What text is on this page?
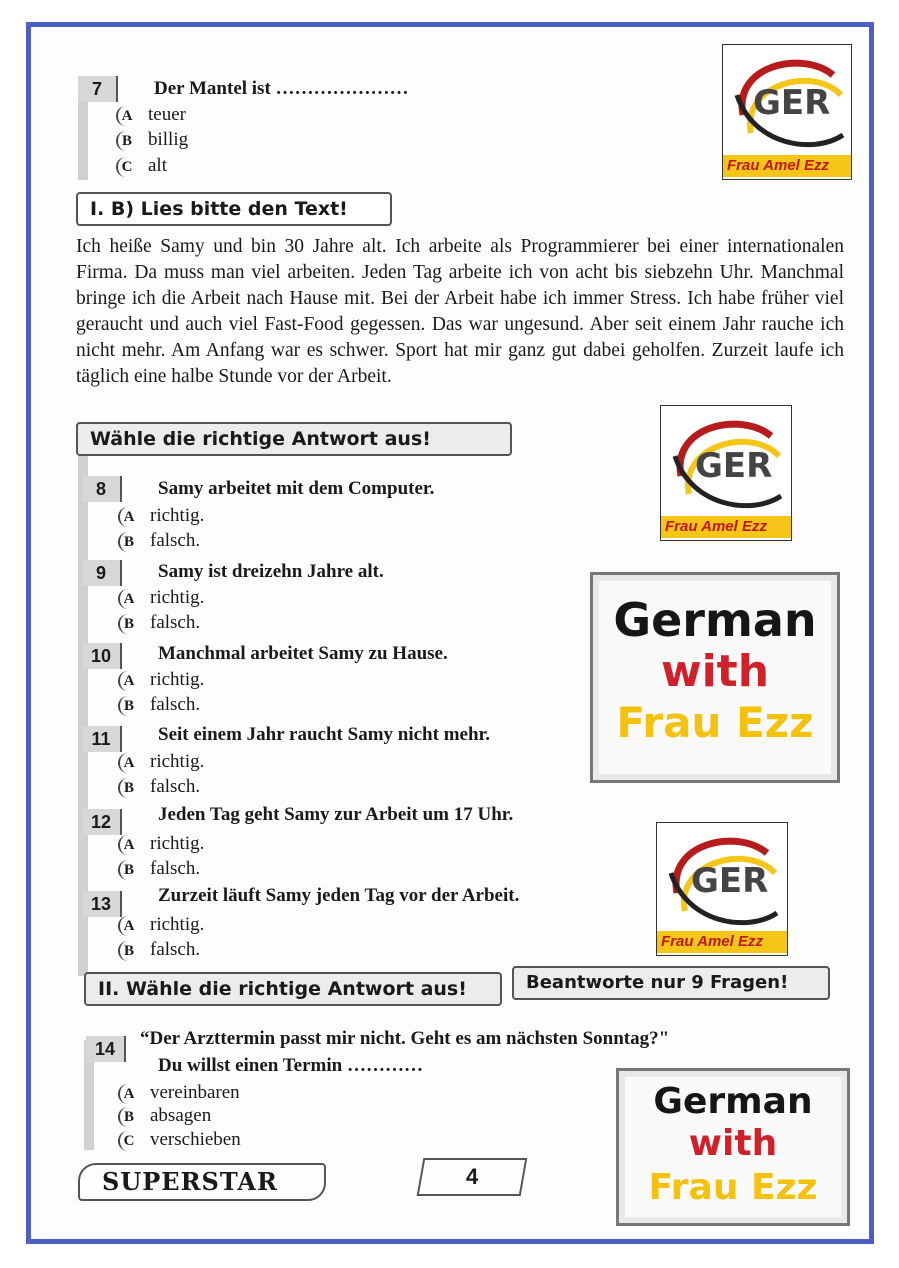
7	Der Mantel ist …………………
A teuer
B billig
C alt
I. B) Lies bitte den Text!
Ich heiße Samy und bin 30 Jahre alt. Ich arbeite als Programmierer bei einer internationalen Firma. Da muss man viel arbeiten. Jeden Tag arbeite ich von acht bis siebzehn Uhr. Manchmal bringe ich die Arbeit nach Hause mit. Bei der Arbeit habe ich immer Stress. Ich habe früher viel geraucht und auch viel Fast-Food gegessen. Das war ungesund. Aber seit einem Jahr rauche ich nicht mehr. Am Anfang war es schwer. Sport hat mir ganz gut dabei geholfen. Zurzeit laufe ich täglich eine halbe Stunde vor der Arbeit.
Wähle die richtige Antwort aus!
8	Samy arbeitet mit dem Computer.
A richtig.
B falsch.
9	Samy ist dreizehn Jahre alt.
A richtig.
B falsch.
10	Manchmal arbeitet Samy zu Hause.
A richtig.
B falsch.
11	Seit einem Jahr raucht Samy nicht mehr.
A richtig.
B falsch.
12	Jeden Tag geht Samy zur Arbeit um 17 Uhr.
A richtig.
B falsch.
13	Zurzeit läuft Samy jeden Tag vor der Arbeit.
A richtig.
B falsch.
II. Wähle die richtige Antwort aus!	Beantworte nur 9 Fragen!
14	“Der Arzttermin passt mir nicht. Geht es am nächsten Sonntag?"
Du willst einen Termin …………
A vereinbaren
B absagen
C verschieben
SUPERSTAR	4
GER
Frau Amel Ezz
GER
Frau Amel Ezz
GER
Frau Amel Ezz
German
with
Frau Ezz
German
with
Frau Ezz
